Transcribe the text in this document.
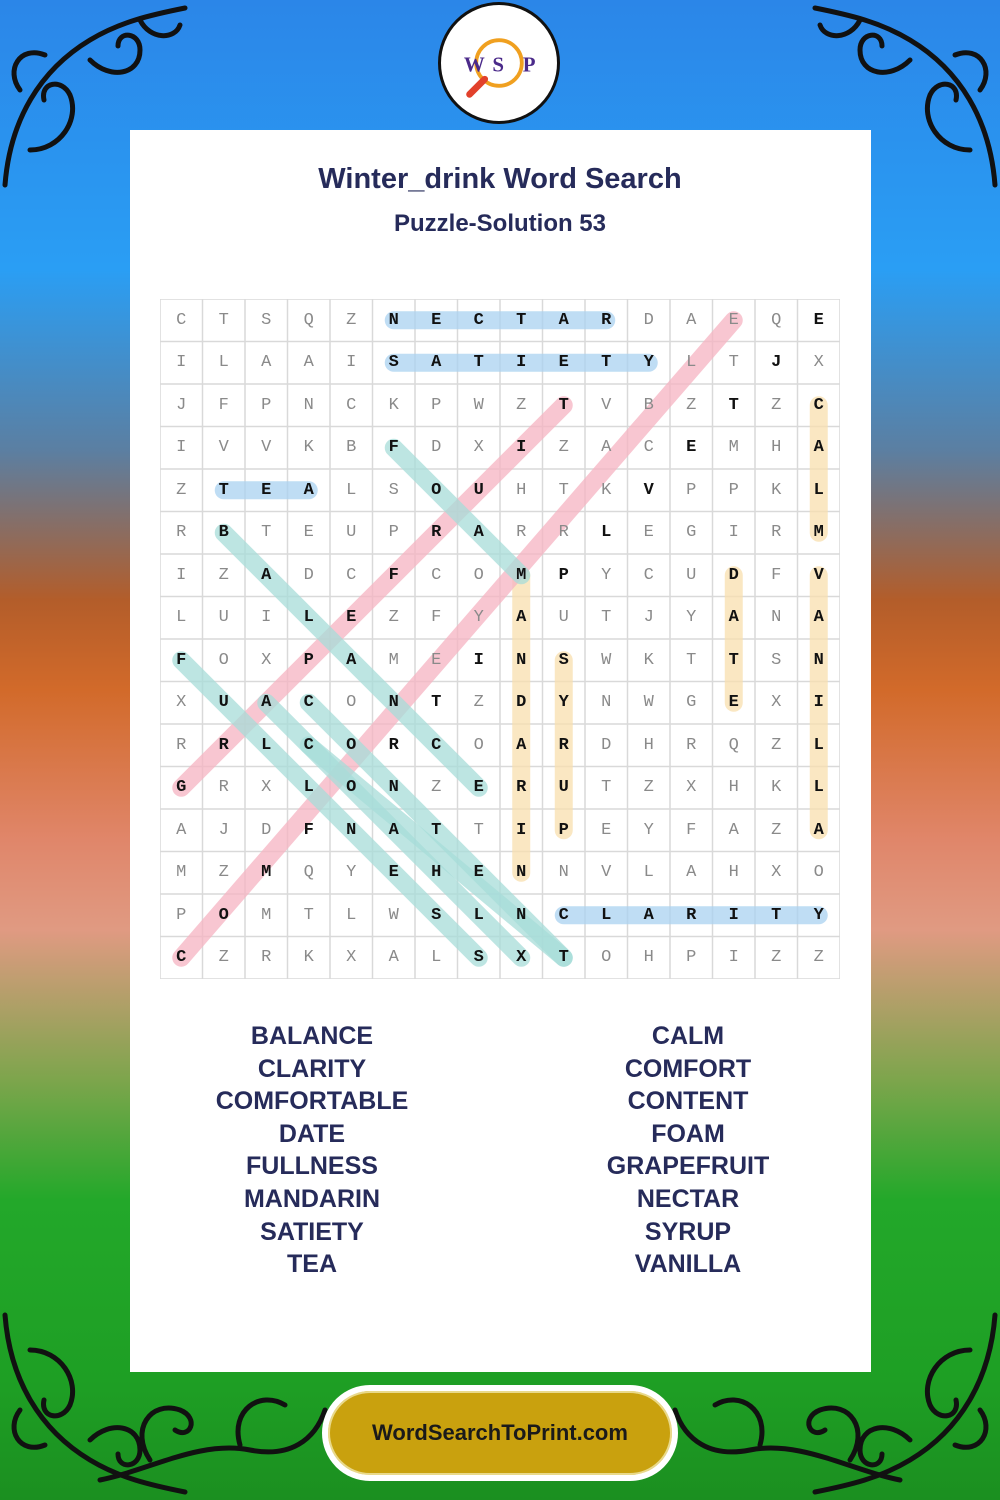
W S P
Winter_drink Word Search
Puzzle-Solution 53
C	T	S	Q	Z	N	E	C	T	A	R	D	A	E	Q	E
I	L	A	A	I	S	A	T	I	E	T	Y	L	T	J	X
J	F	P	N	C	K	P	W	Z	T	V	B	Z	T	Z	C
I	V	V	K	B	F	D	X	I	Z	A	C	E	M	H	A
Z	T	E	A	L	S	O	U	H	T	K	V	P	P	K	L
R	B	T	E	U	P	R	A	R	R	L	E	G	I	R	M
I	Z	A	D	C	F	C	O	M	P	Y	C	U	D	F	V
L	U	I	L	E	Z	F	Y	A	U	T	J	Y	A	N	A
F	O	X	P	A	M	E	I	N	S	W	K	T	T	S	N
X	U	A	C	O	N	T	Z	D	Y	N	W	G	E	X	I
R	R	L	C	O	R	C	O	A	R	D	H	R	Q	Z	L
G	R	X	L	O	N	Z	E	R	U	T	Z	X	H	K	L
A	J	D	F	N	A	T	T	I	P	E	Y	F	A	Z	A
M	Z	M	Q	Y	E	H	E	N	N	V	L	A	H	X	O
P	O	M	T	L	W	S	L	N	C	L	A	R	I	T	Y
C	Z	R	K	X	A	L	S	X	T	O	H	P	I	Z	Z
BALANCE
CLARITY
COMFORTABLE
DATE
FULLNESS
MANDARIN
SATIETY
TEA
CALM
COMFORT
CONTENT
FOAM
GRAPEFRUIT
NECTAR
SYRUP
VANILLA
WordSearchToPrint.com
